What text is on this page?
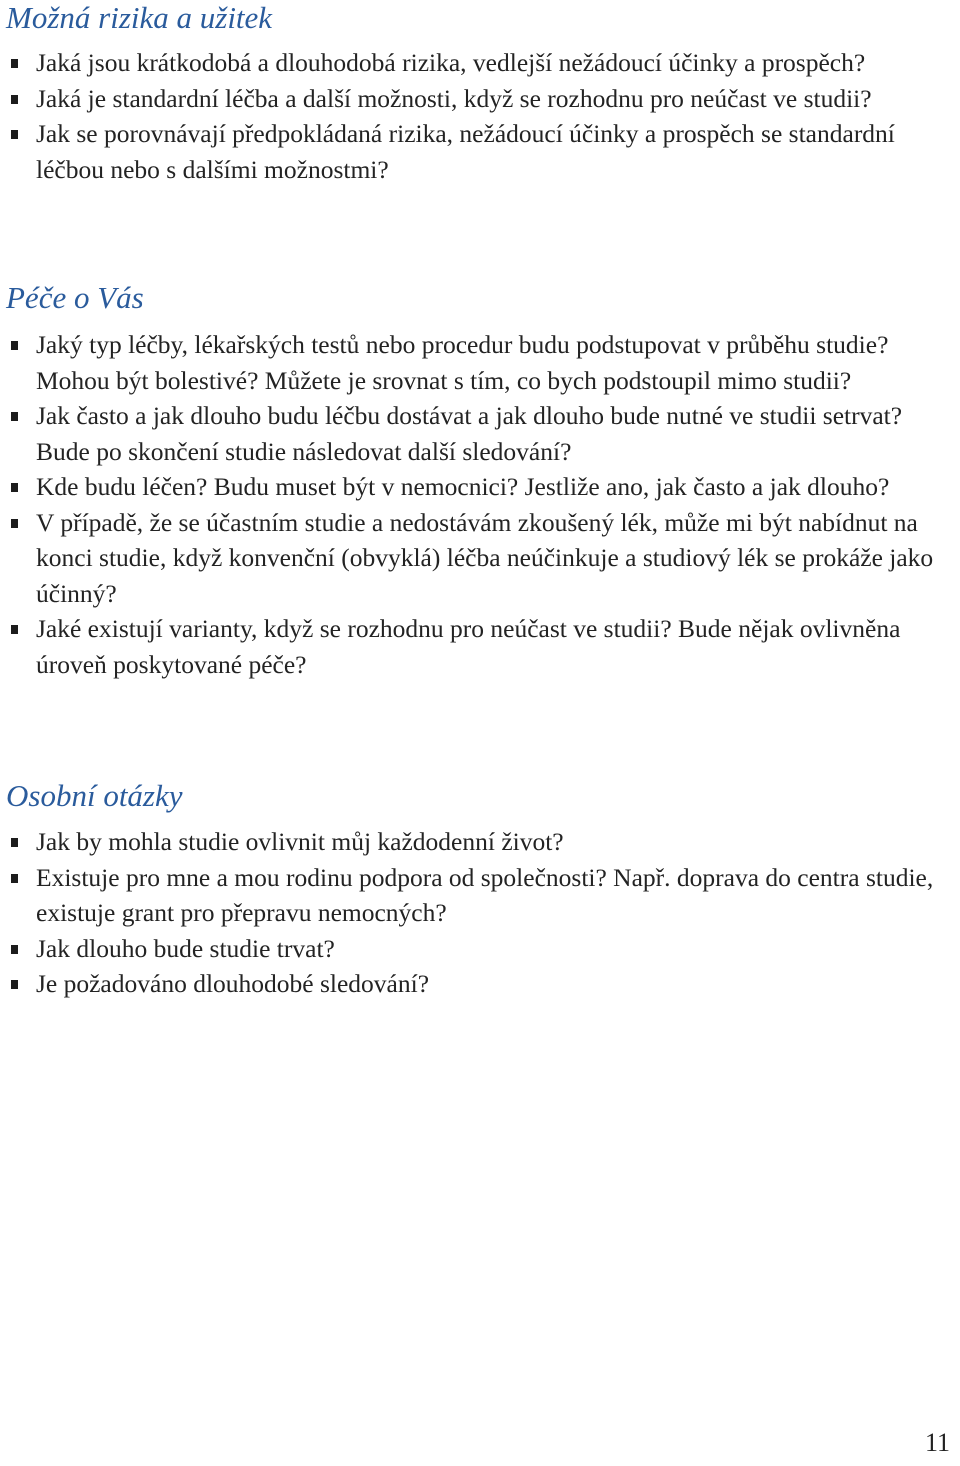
Možná rizika a užitek
Jaká jsou krátkodobá a dlouhodobá rizika, vedlejší nežádoucí účinky a prospěch?
Jaká je standardní léčba a další možnosti, když se rozhodnu pro neúčast ve studii?
Jak se porovnávají předpokládaná rizika, nežádoucí účinky a prospěch se standardní léčbou nebo s dalšími možnostmi?
Péče o Vás
Jaký typ léčby, lékařských testů nebo procedur budu podstupovat v průběhu studie? Mohou být bolestivé? Můžete je srovnat s tím, co bych podstoupil mimo studii?
Jak často a jak dlouho budu léčbu dostávat a jak dlouho bude nutné ve studii setrvat? Bude po skončení studie následovat další sledování?
Kde budu léčen? Budu muset být v nemocnici? Jestliže ano, jak často a jak dlouho?
V případě, že se účastním studie a nedostávám zkoušený lék, může mi být nabídnut na konci studie, když konvenční (obvyklá) léčba neúčinkuje a studiový lék se prokáže jako účinný?
Jaké existují varianty, když se rozhodnu pro neúčast ve studii? Bude nějak ovlivněna úroveň poskytované péče?
Osobní otázky
Jak by mohla studie ovlivnit můj každodenní život?
Existuje pro mne a mou rodinu podpora od společnosti? Např. doprava do centra studie, existuje grant pro přepravu nemocných?
Jak dlouho bude studie trvat?
Je požadováno dlouhodobé sledování?
11
